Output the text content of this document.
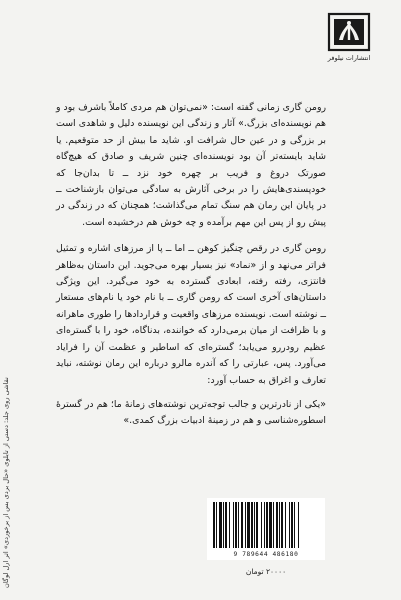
انتشارات نیلوفر

رومن گاری زمانی گفته است: «نمی‌توان هم مردی کاملاً باشرف بود و هم نویسنده‌ای بزرگ.» آثار و زندگی این نویسنده دلیل و شاهدی است بر بزرگی و در عین حال شرافت او. شاید ما بیش از حد متوقعیم. یا شاید بایسته‌تر آن بود نویسنده‌ای چنین شریف و صادق که هیچ‌گاه صورتک دروغ و فریب بر چهره خود نزد ــ تا بدان‌جا که خودپسندی‌هایش را در برخی آثارش به سادگی می‌توان بازشناخت ــ در پایان این رمان هم سنگ تمام می‌گذاشت؛ همچنان که در زندگی در پیش رو از پس این مهم برآمده و چه خوش هم درخشیده است.

رومن گاری در رقص چنگیز کوهن ــ اما ــ پا از مرزهای اشاره و تمثیل فراتر می‌نهد و از «نماد» نیز بسیار بهره می‌جوید. این داستان به‌ظاهر فانتزی، رفته رفته، ابعادی گسترده به خود می‌گیرد. این ویژگی داستان‌های آخری است که رومن گاری ــ با نام خود یا نام‌های مستعار ــ نوشته است. نویسنده مرزهای واقعیت و قراردادها را طوری ماهرانه و با ظرافت از میان برمی‌دارد که خواننده، بدناگاه، خود را با گستره‌ای عظیم رودررو می‌یابد؛ گستره‌ای که اساطیر و عظمت آن را فرایاد می‌آورد. پس، عبارتی را که آندره مالرو درباره این رمان نوشته، نباید تعارف و اغراق به حساب آورد:

«یکی از نادرترین و جالب توجه‌ترین نوشته‌های زمانهٔ ما؛ هم در گسترهٔ اسطوره‌شناسی و هم در زمینهٔ ادبیات بزرگ کمدی.»

نقاشی روی جلد: دستی از تابلوی «حال بردی بس از برخوردی» اثر ارل لوگان	9 789644 486180
۲۰۰۰۰ تومان
